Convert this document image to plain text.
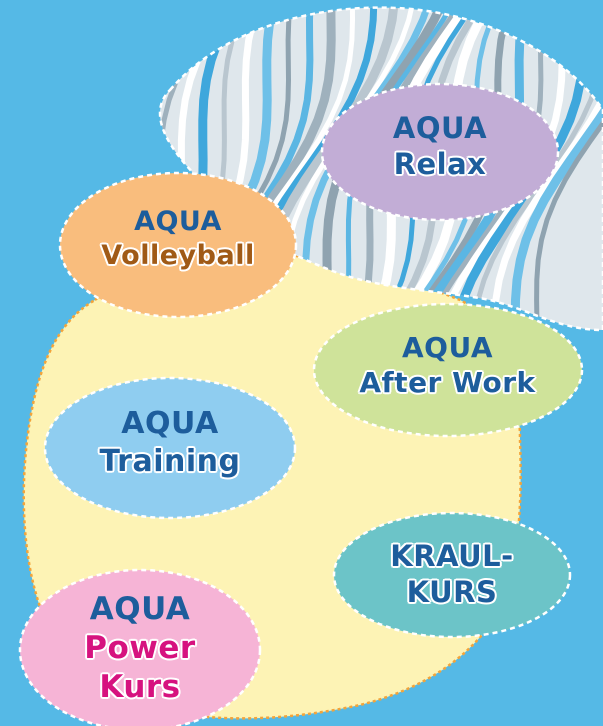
AQUA
Relax
AQUA
Volleyball
AQUA
After Work
AQUA
Training
KRAUL-
KURS
AQUA
Power
Kurs
